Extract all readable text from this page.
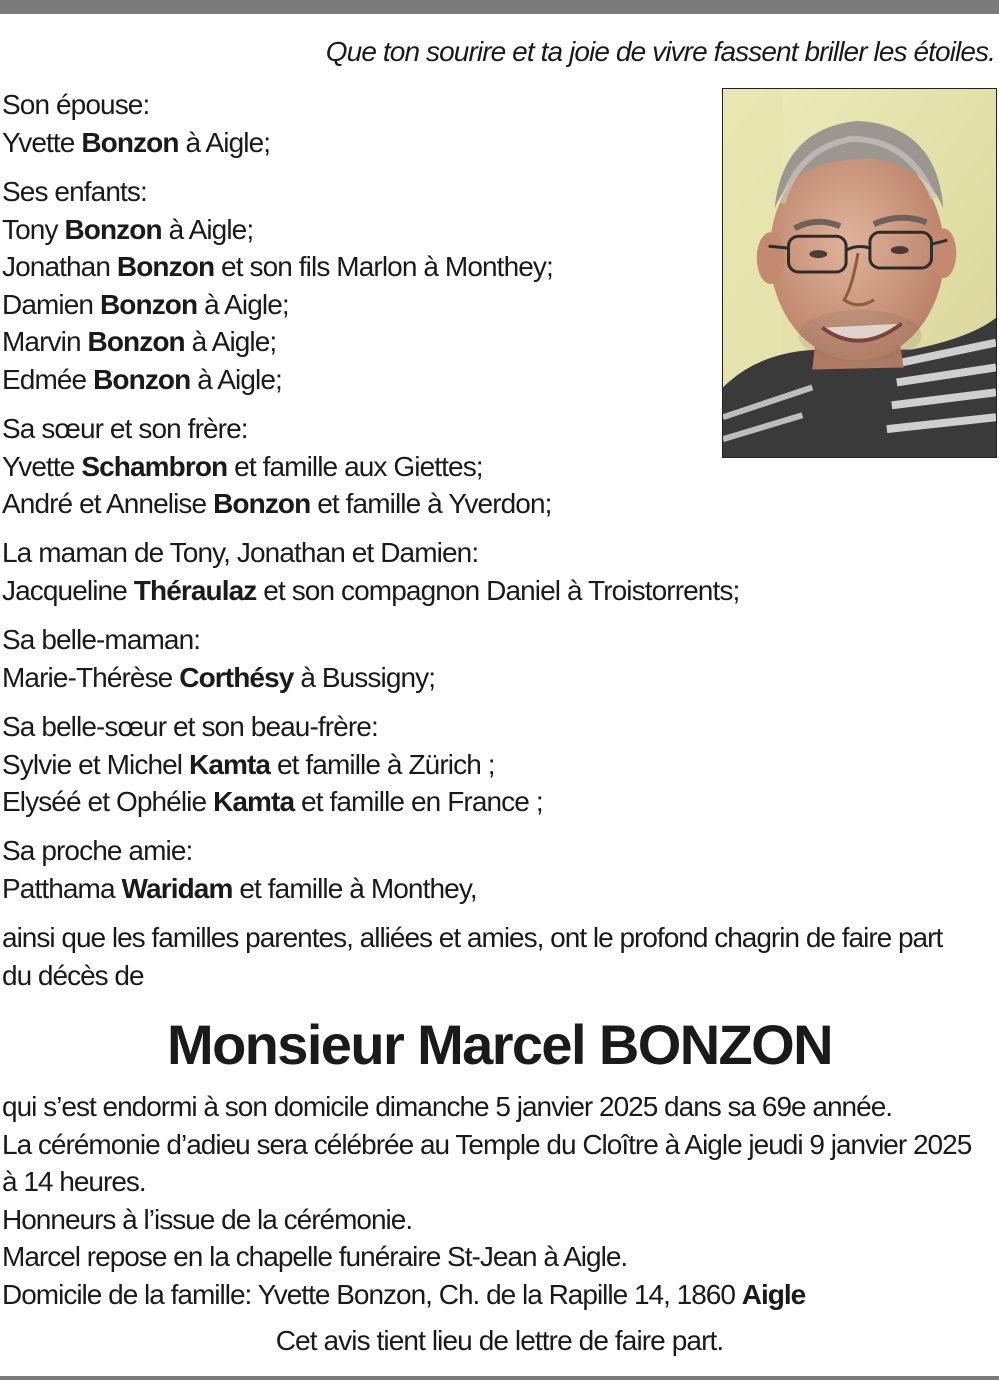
Que ton sourire et ta joie de vivre fassent briller les étoiles.
Son épouse:
Yvette Bonzon à Aigle;
Ses enfants:
Tony Bonzon à Aigle;
Jonathan Bonzon et son fils Marlon à Monthey;
Damien Bonzon à Aigle;
Marvin Bonzon à Aigle;
Edmée Bonzon à Aigle;
Sa sœur et son frère:
Yvette Schambron et famille aux Giettes;
André et Annelise Bonzon et famille à Yverdon;
La maman de Tony, Jonathan et Damien:
Jacqueline Théraulaz et son compagnon Daniel à Troistorrents;
Sa belle-maman:
Marie-Thérèse Corthésy à Bussigny;
Sa belle-sœur et son beau-frère:
Sylvie et Michel Kamta et famille à Zürich ;
Elyséé et Ophélie Kamta et famille en France ;
Sa proche amie:
Patthama Waridam et famille à Monthey,
ainsi que les familles parentes, alliées et amies, ont le profond chagrin de faire part
du décès de
Monsieur Marcel BONZON
qui s’est endormi à son domicile dimanche 5 janvier 2025 dans sa 69e année.
La cérémonie d’adieu sera célébrée au Temple du Cloître à Aigle jeudi 9 janvier 2025
à 14 heures.
Honneurs à l’issue de la cérémonie.
Marcel repose en la chapelle funéraire St-Jean à Aigle.
Domicile de la famille: Yvette Bonzon, Ch. de la Rapille 14, 1860 Aigle
Cet avis tient lieu de lettre de faire part.
